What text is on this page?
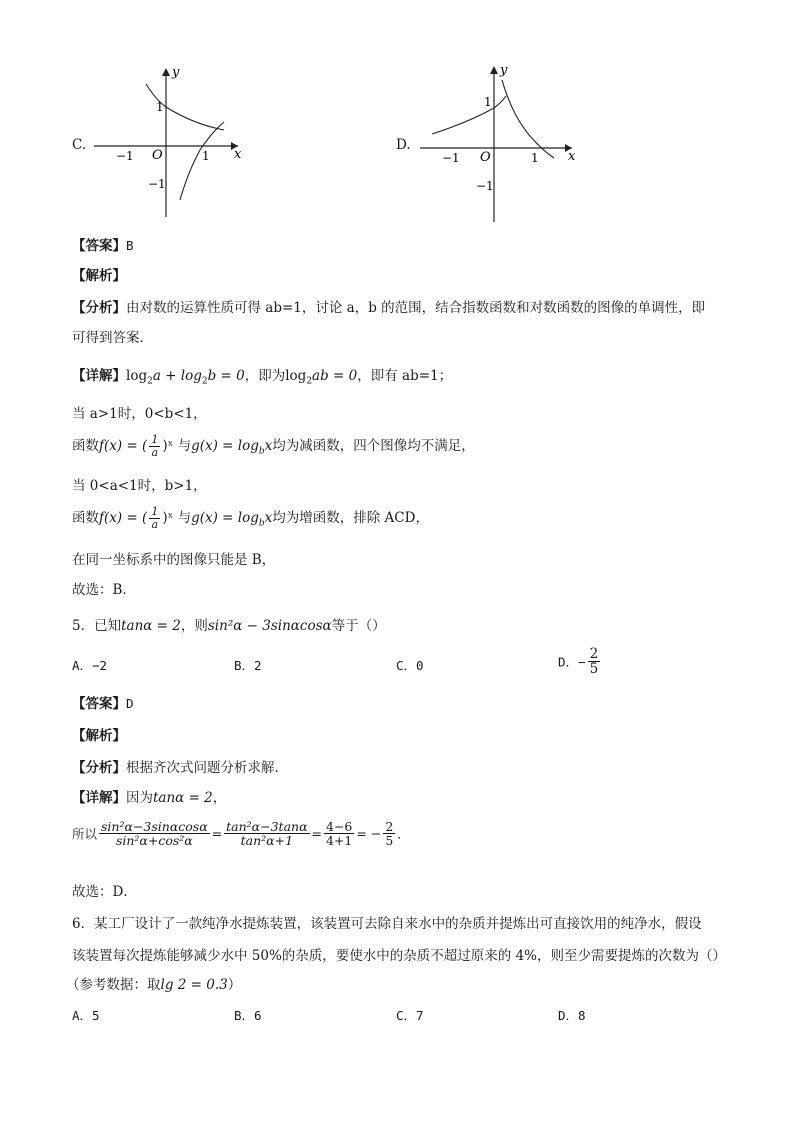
C.
y
x
O
−1	1
1
−1
D.
y
x
O
−1	1
1
−1
【答案】B
【解析】
【分析】由对数的运算性质可得 ab=1，讨论 a，b 的范围，结合指数函数和对数函数的图像的单调性，即
可得到答案．
【详解】$\log_2a + \log_2b = 0$，即为$\log_2ab = 0$，即有 ab=1；
当 a>1时，0<b<1，
函数f(x) = ( $\frac{1}{a}$ )ˣ 与$g(x) = \log_bx$均为减函数，四个图像均不满足，
当 0<a<1时，b>1，
函数f(x) = ( $\frac{1}{a}$ )ˣ 与$g(x) = \log_bx$均为增函数，排除 ACD，
在同一坐标系中的图像只能是 B，
故选：B．
5．已知tanα = 2，则sin²α − 3sinαcosα等于（）
A．−2	B．2	C．0	D．− $\frac{2}{5}$
【答案】D
【解析】
【分析】根据齐次式问题分析求解．
【详解】因为tanα = 2，
所以 $\frac{\text{sin²α−3sinαcosα}}{\text{sin²α+cos²α}} = \frac{\text{tan²α−3tanα}}{\text{tan²α+1}} = \frac{4-6}{4+1}$ = − $\frac{2}{5}$ ．
故选：D．
6．某工厂设计了一款纯净水提炼装置，该装置可去除自来水中的杂质并提炼出可直接饮用的纯净水，假设
该装置每次提炼能够减少水中 50%的杂质，要使水中的杂质不超过原来的 4%，则至少需要提炼的次数为（）
（参考数据：取lg 2 = 0.3）
A．5	B．6	C．7	D．8
